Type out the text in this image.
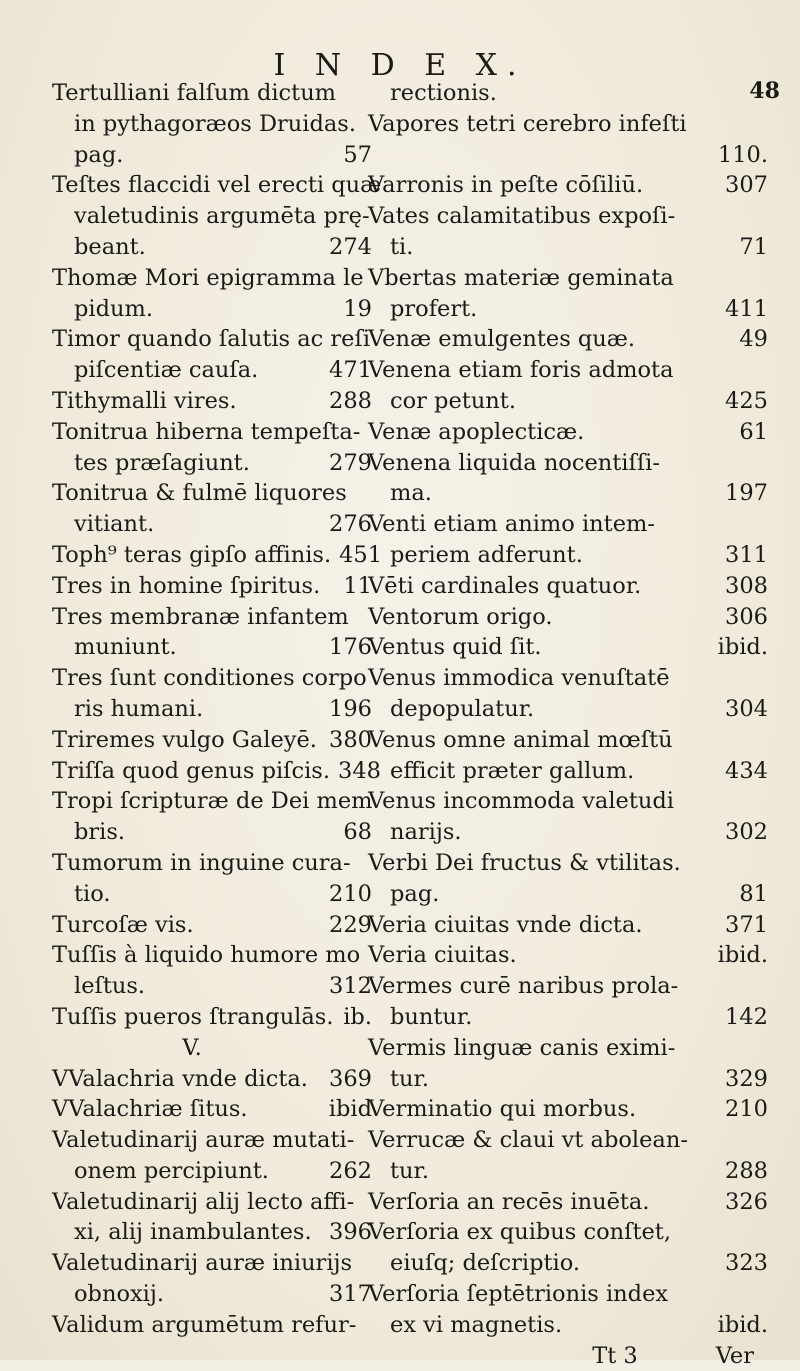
I N D E X.
48
Tertulliani falſum dictum
in pythagoræos Druidas.
pag.	57
Teſtes flaccidi vel erecti quæ
valetudinis argumēta prę-
beant.	274
Thomæ Mori epigramma le
pidum.	19
Timor quando ſalutis ac reſi
piſcentiæ cauſa.	471
Tithymalli vires.	288
Tonitrua hiberna tempeſta-
tes præſagiunt.	279
Tonitrua & fulmē liquores
vitiant.	276
Toph⁹ teras gipſo affinis. 451
Tres in homine ſpiritus.	11
Tres membranæ infantem
muniunt.	176
Tres ſunt conditiones corpo
ris humani.	196
Triremes vulgo Galeyē. 380
Triſſa quod genus piſcis. 348
Tropi ſcripturæ de Dei mem
bris.	68
Tumorum in inguine cura-
tio.	210
Turcoſæ vis.	229
Tuſſis à liquido humore mo
leſtus.	312
Tuſſis pueros ſtrangulās. ib.
V.
VValachria vnde dicta. 369
VValachriæ ſitus.	ibid
Valetudinarij auræ mutati-
onem percipiunt.	262
Valetudinarij alij lecto affi-
xi, alij inambulantes. 396
Valetudinarij auræ iniurijs
obnoxij.	317
Validum argumētum refur-
rectionis.
Vapores tetri cerebro infeſti
110.
Varronis in peſte cōſiliū.	307
Vates calamitatibus expoſi-
ti.	71
Vbertas materiæ geminata
profert.	411
Venæ emulgentes quæ.	49
Venena etiam foris admota
cor petunt.	425
Venæ apoplecticæ.	61
Venena liquida nocentiſſi-
ma.	197
Venti etiam animo intem-
periem adferunt.	311
Vēti cardinales quatuor.	308
Ventorum origo.	306
Ventus quid ſit.	ibid.
Venus immodica venuſtatē
depopulatur.	304
Venus omne animal mœſtū
efficit præter gallum.	434
Venus incommoda valetudi
narijs.	302
Verbi Dei fructus & vtilitas.
pag.	81
Veria ciuitas vnde dicta.	371
Veria ciuitas.	ibid.
Vermes curē naribus prola-
buntur.	142
Vermis linguæ canis eximi-
tur.	329
Verminatio qui morbus.	210
Verrucæ & claui vt abolean-
tur.	288
Verſoria an recēs inuēta.	326
Verſoria ex quibus conſtet,
eiuſq; deſcriptio.	323
Verſoria ſeptētrionis index
ex vi magnetis.	ibid.
Tt 3	Ver
